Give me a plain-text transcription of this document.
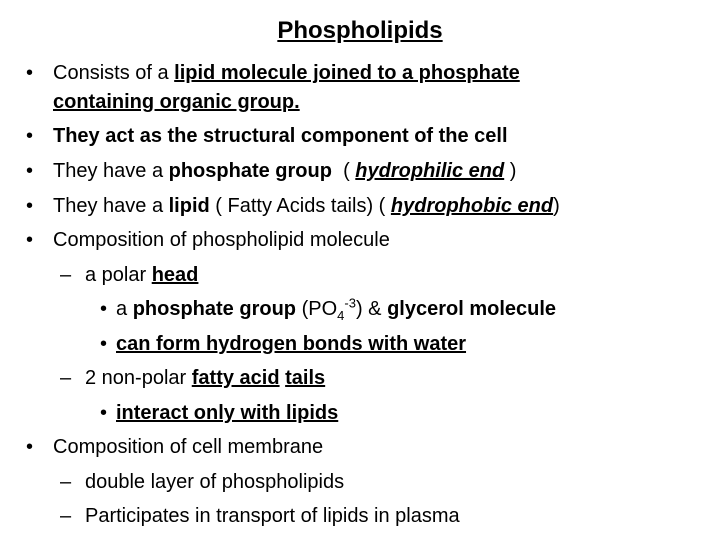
Phospholipids
• Consists of a lipid molecule joined to a phosphate
containing organic group.
• They act as the structural component of the cell
• They have a phosphate group  ( hydrophilic end )
• They have a lipid ( Fatty Acids tails) ( hydrophobic end)
• Composition of phospholipid molecule
– a polar head
• a phosphate group $(PO_4^{-3})$ & glycerol molecule
• can form hydrogen bonds with water
– 2 non-polar fatty acid tails
• interact only with lipids
• Composition of cell membrane
– double layer of phospholipids
– Participates in transport of lipids in plasma
